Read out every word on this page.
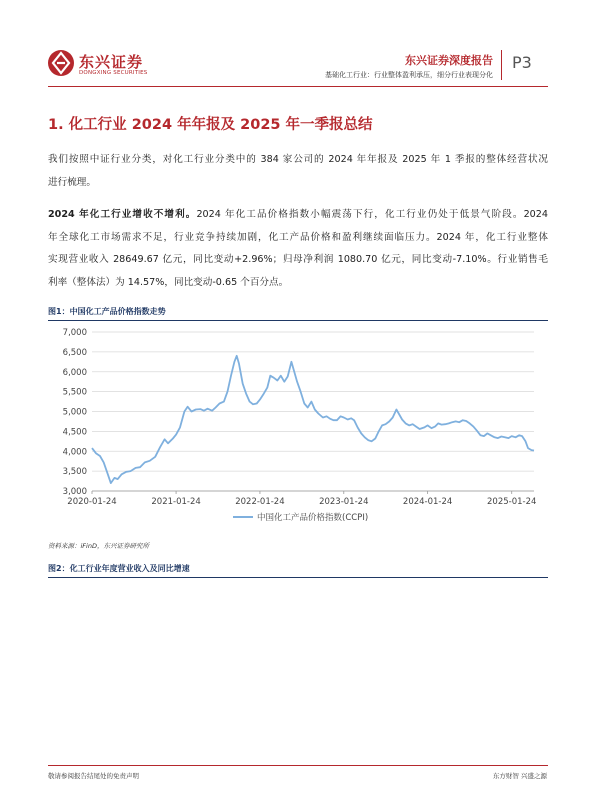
东兴证券
DONGXING SECURITIES
东兴证券深度报告
基础化工行业：行业整体盈利承压，细分行业表现分化
P3
1. 化工行业 2024 年年报及 2025 年一季报总结
我们按照中证行业分类，对化工行业分类中的 384 家公司的 2024 年年报及 2025 年 1 季报的整体经营状况
进行梳理。
2024 年化工行业增收不增利。2024 年化工品价格指数小幅震荡下行，化工行业仍处于低景气阶段。2024
年全球化工市场需求不足，行业竞争持续加剧，化工产品价格和盈利继续面临压力。2024 年，化工行业整体
实现营业收入 28649.67 亿元，同比变动+2.96%；归母净利润 1080.70 亿元，同比变动-7.10%。行业销售毛
利率（整体法）为 14.57%，同比变动-0.65 个百分点。
图1：中国化工产品价格指数走势
3,000
3,500
4,000
4,500
5,000
5,500
6,000
6,500
7,000
2020-01-24	2021-01-24	2022-01-24	2023-01-24	2024-01-24	2025-01-24
中国化工产品价格指数(CCPI)
资料来源：iFinD，东兴证券研究所
图2：化工行业年度营业收入及同比增速
敬请参阅报告结尾处的免责声明	东方财智 兴盛之源
